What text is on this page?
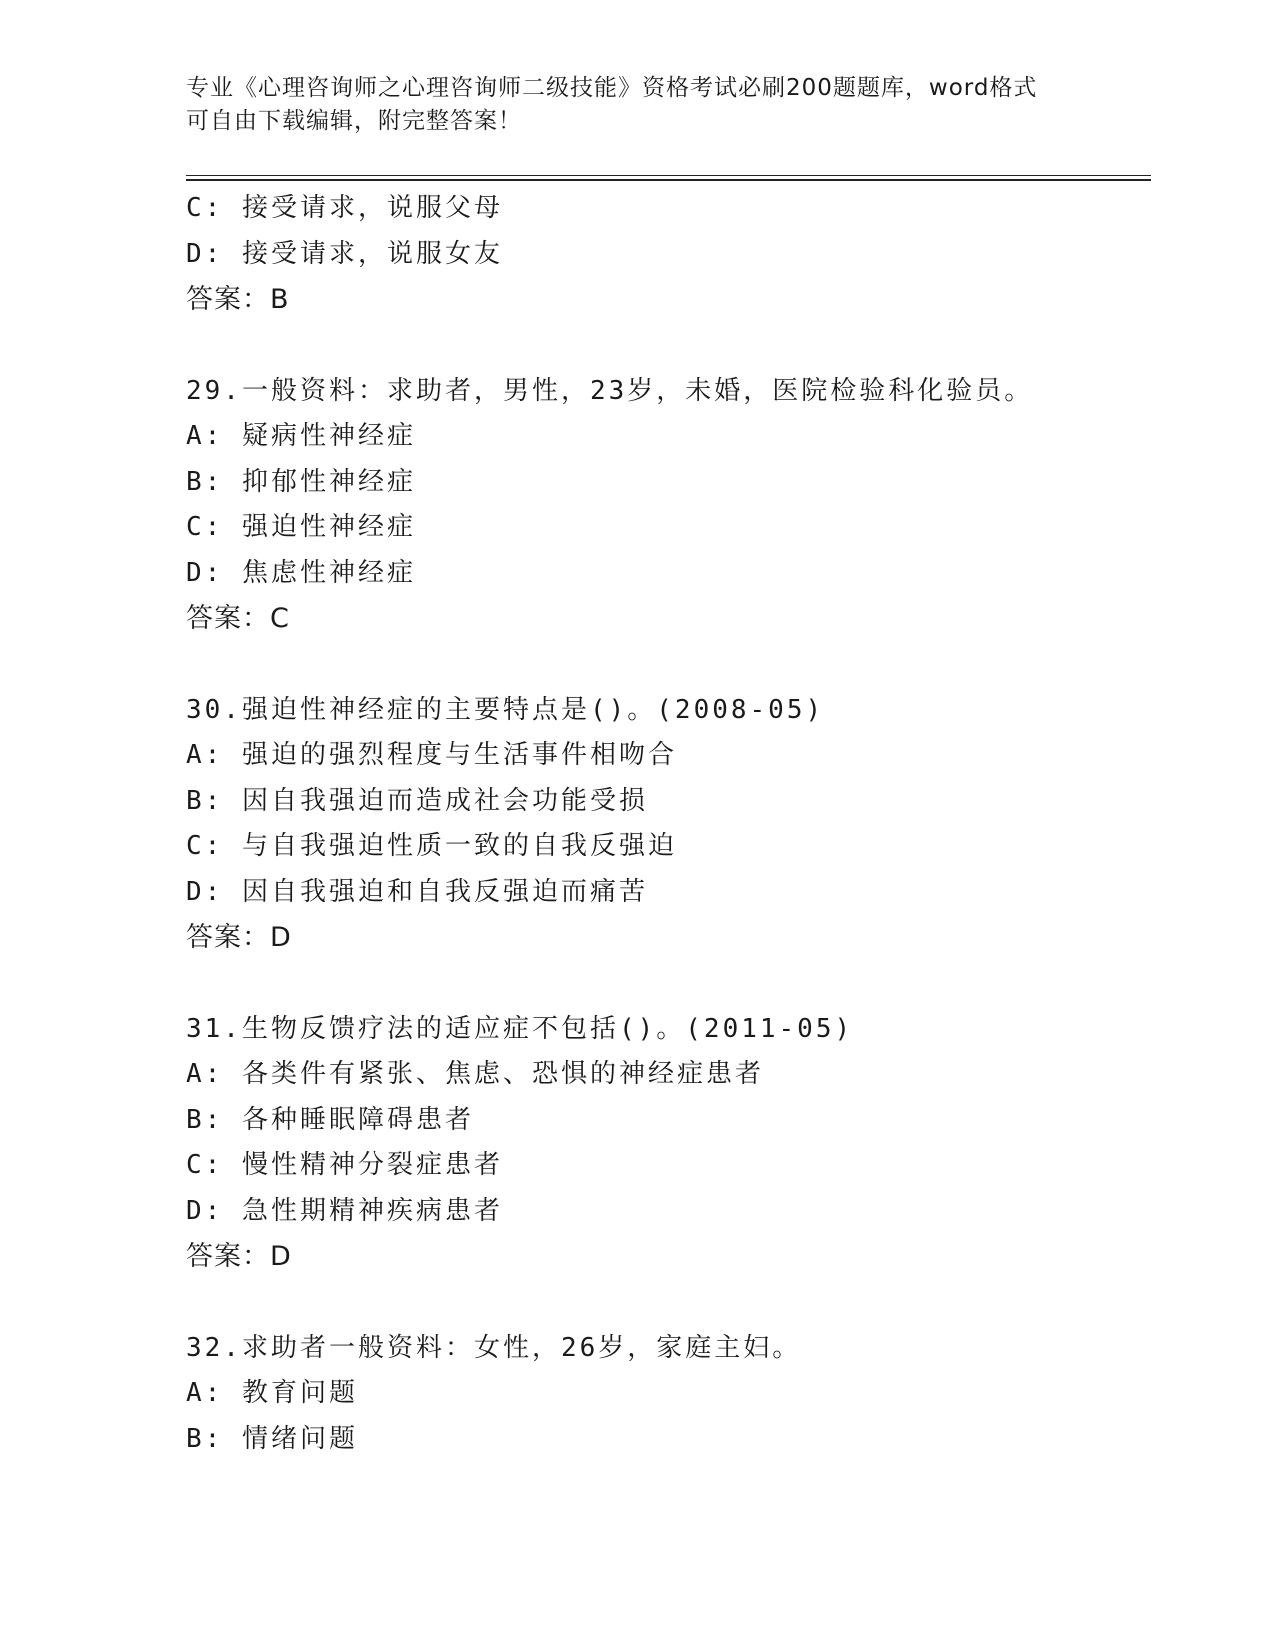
专业《心理咨询师之心理咨询师二级技能》资格考试必刷200题题库，word格式
可自由下载编辑，附完整答案！
C: 接受请求，说服父母
D: 接受请求，说服女友
答案：B
29.一般资料：求助者，男性，23岁，未婚，医院检验科化验员。
A: 疑病性神经症
B: 抑郁性神经症
C: 强迫性神经症
D: 焦虑性神经症
答案：C
30.强迫性神经症的主要特点是()。(2008-05)
A: 强迫的强烈程度与生活事件相吻合
B: 因自我强迫而造成社会功能受损
C: 与自我强迫性质一致的自我反强迫
D: 因自我强迫和自我反强迫而痛苦
答案：D
31.生物反馈疗法的适应症不包括()。(2011-05)
A: 各类件有紧张、焦虑、恐惧的神经症患者
B: 各种睡眠障碍患者
C: 慢性精神分裂症患者
D: 急性期精神疾病患者
答案：D
32.求助者一般资料：女性，26岁，家庭主妇。
A: 教育问题
B: 情绪问题
